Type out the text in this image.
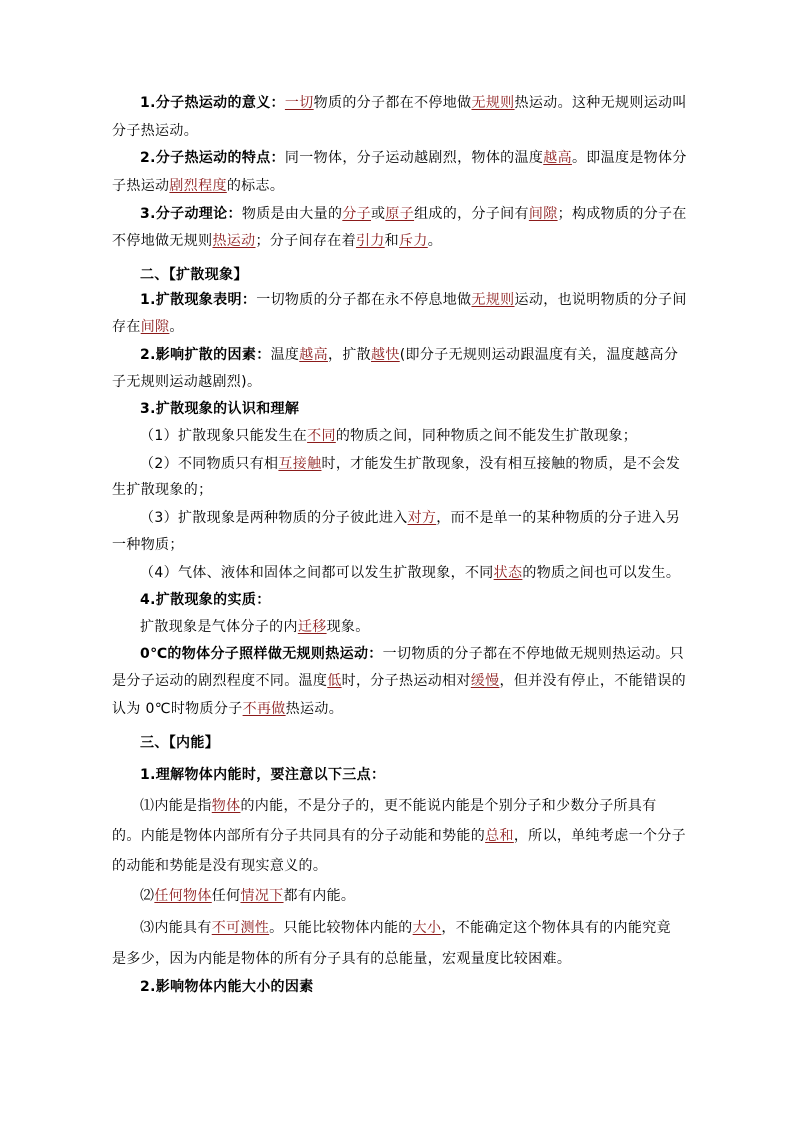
1.分子热运动的意义：一切物质的分子都在不停地做无规则热运动。这种无规则运动叫
分子热运动。
2.分子热运动的特点：同一物体，分子运动越剧烈，物体的温度越高。即温度是物体分
子热运动剧烈程度的标志。
3.分子动理论：物质是由大量的分子或原子组成的，分子间有间隙；构成物质的分子在
不停地做无规则热运动；分子间存在着引力和斥力。
二、【扩散现象】
1.扩散现象表明：一切物质的分子都在永不停息地做无规则运动，也说明物质的分子间
存在间隙。
2.影响扩散的因素：温度越高，扩散越快(即分子无规则运动跟温度有关，温度越高分
子无规则运动越剧烈)。
3.扩散现象的认识和理解
（1）扩散现象只能发生在不同的物质之间，同种物质之间不能发生扩散现象；
（2）不同物质只有相互接触时，才能发生扩散现象，没有相互接触的物质，是不会发
生扩散现象的；
（3）扩散现象是两种物质的分子彼此进入对方，而不是单一的某种物质的分子进入另
一种物质；
（4）气体、液体和固体之间都可以发生扩散现象，不同状态的物质之间也可以发生。
4.扩散现象的实质：
扩散现象是气体分子的内迁移现象。
0℃的物体分子照样做无规则热运动：一切物质的分子都在不停地做无规则热运动。只
是分子运动的剧烈程度不同。温度低时，分子热运动相对缓慢，但并没有停止，不能错误的
认为 0℃时物质分子不再做热运动。
三、【内能】
1.理解物体内能时，要注意以下三点：
⑴内能是指物体的内能，不是分子的，更不能说内能是个别分子和少数分子所具有
的。内能是物体内部所有分子共同具有的分子动能和势能的总和，所以，单纯考虑一个分子
的动能和势能是没有现实意义的。
⑵任何物体任何情况下都有内能。
⑶内能具有不可测性。只能比较物体内能的大小，不能确定这个物体具有的内能究竟
是多少，因为内能是物体的所有分子具有的总能量，宏观量度比较困难。
2.影响物体内能大小的因素
